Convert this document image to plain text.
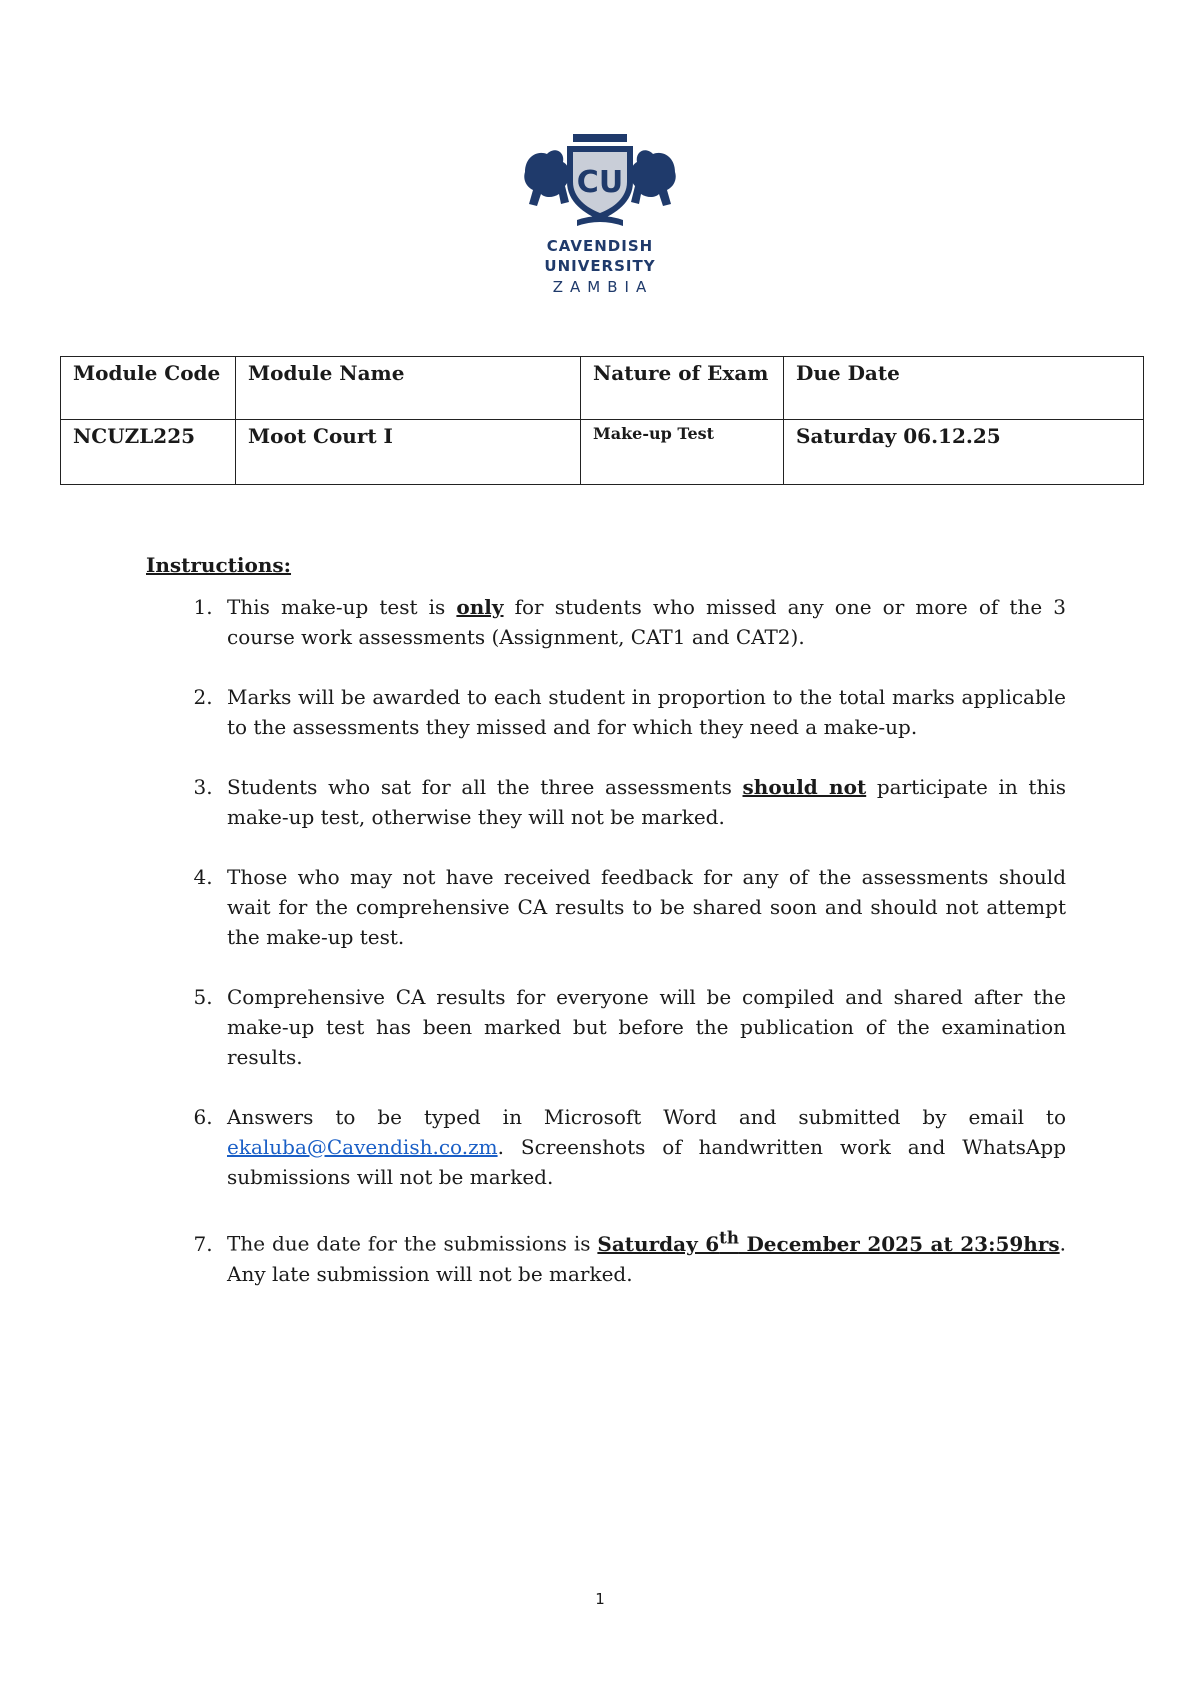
CU
CAVENDISH
UNIVERSITY
ZAMBIA
Module Code	Module Name	Nature of Exam	Due Date
NCUZL225	Moot Court I	Make-up Test	Saturday 06.12.25
Instructions:
1. This make-up test is only for students who missed any one or more of the 3 course work assessments (Assignment, CAT1 and CAT2).
2. Marks will be awarded to each student in proportion to the total marks applicable to the assessments they missed and for which they need a make-up.
3. Students who sat for all the three assessments should not participate in this make-up test, otherwise they will not be marked.
4. Those who may not have received feedback for any of the assessments should wait for the comprehensive CA results to be shared soon and should not attempt the make-up test.
5. Comprehensive CA results for everyone will be compiled and shared after the make-up test has been marked but before the publication of the examination results.
6. Answers to be typed in Microsoft Word and submitted by email to ekaluba@Cavendish.co.zm. Screenshots of handwritten work and WhatsApp submissions will not be marked.
7. The due date for the submissions is Saturday 6th December 2025 at 23:59hrs. Any late submission will not be marked.
1
